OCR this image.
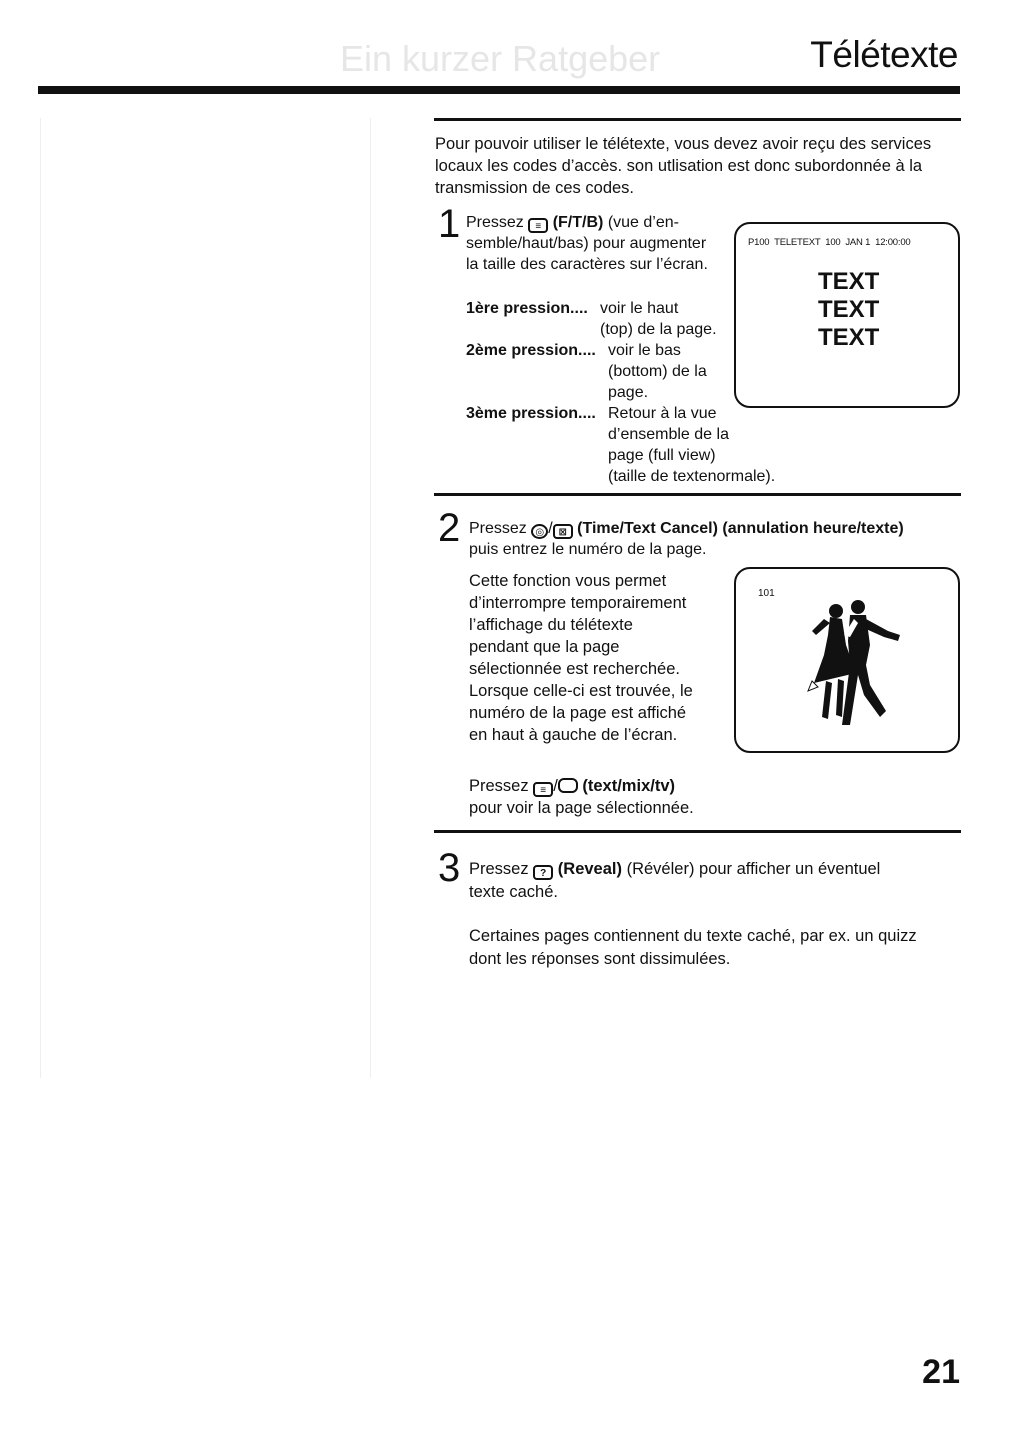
Ein kurzer Ratgeber	Télétexte
Pour pouvoir utiliser le télétexte, vous devez avoir reçu des services locaux les codes d’accès. son utlisation est donc subordonnée à la transmission de ces codes.
1 Pressez ≡ (F/T/B) (vue d’en-
semble/haut/bas) pour augmenter
la taille des caractères sur l’écran.
1ère pression.... voir le haut
(top) de la page.
2ème pression.... voir le bas
(bottom) de la
page.
3ème pression.... Retour à la vue
d’ensemble de la
page (full view)
(taille de textenormale).
P100  TELETEXT  100  JAN 1  12:00:00
TEXT
TEXT
TEXT
2 Pressez ◎ / ⊠ (Time/Text Cancel) (annulation heure/texte)
puis entrez le numéro de la page.
Cette fonction vous permet
d’interrompre temporairement
l’affichage du télétexte
pendant que la page
sélectionnée est recherchée.
Lorsque celle-ci est trouvée, le
numéro de la page est affiché
en haut à gauche de l’écran.
101
Pressez ≡ / (text/mix/tv)
pour voir la page sélectionnée.
3 Pressez ? (Reveal) (Révéler) pour afficher un éventuel
texte caché.
Certaines pages contiennent du texte caché, par ex. un quizz
dont les réponses sont dissimulées.
21
